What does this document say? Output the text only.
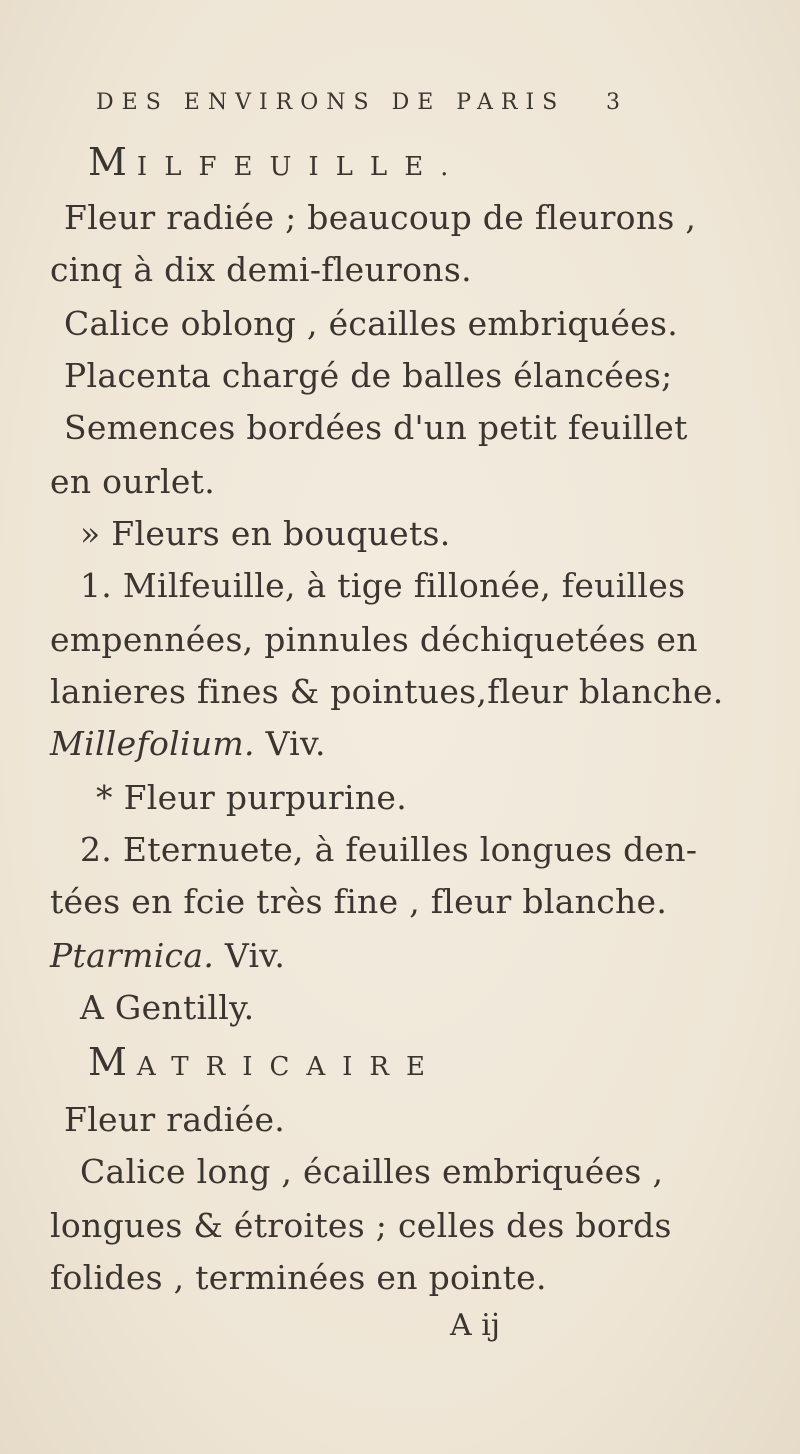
DES ENVIRONS DE PARIS 3
MILFEUILLE.
Fleur radiée ; beaucoup de fleurons ,
cinq à dix demi-fleurons.
Calice oblong , écailles embriquées.
Placenta chargé de balles élancées;
Semences bordées d'un petit feuillet
en ourlet.
» Fleurs en bouquets.
1. Milfeuille, à tige fillonée, feuilles
empennées, pinnules déchiquetées en
lanieres fines & pointues,fleur blanche.
Millefolium. Viv.
* Fleur purpurine.
2. Eternuete, à feuilles longues den-
tées en fcie très fine , fleur blanche.
Ptarmica. Viv.
A Gentilly.
MATRICAIRE
Fleur radiée.
Calice long , écailles embriquées ,
longues & étroites ; celles des bords
folides , terminées en pointe.
A ij
